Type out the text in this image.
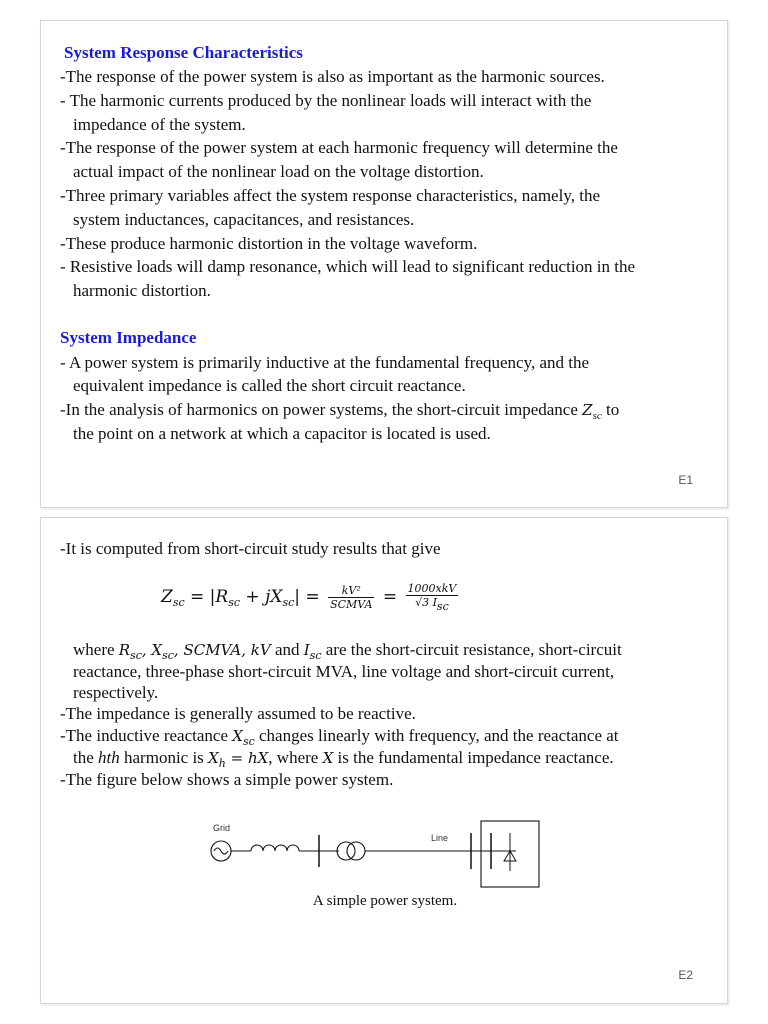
System Response Characteristics
-The response of the power system is also as important as the harmonic sources.
- The harmonic currents produced by the nonlinear loads will interact with the
impedance of the system.
-The response of the power system at each harmonic frequency will determine the
actual impact of the nonlinear load on the voltage distortion.
-Three primary variables affect the system response characteristics, namely, the
system inductances, capacitances, and resistances.
-These produce harmonic distortion in the voltage waveform.
- Resistive loads will damp resonance, which will lead to significant reduction in the
harmonic distortion.
System Impedance
- A power system is primarily inductive at the fundamental frequency, and the
equivalent impedance is called the short circuit reactance.
-In the analysis of harmonics on power systems, the short-circuit impedance $Z_{sc}$ to
the point on a network at which a capacitor is located is used.
E1
-It is computed from short-circuit study results that give
$Z_{sc} = |R_{sc} + jX_{sc}| = \frac{\text{kV²}}{\text{SCMVA}} = \frac{\text{1000xkV}}{\text{√3 Isc}}$
where $R_{sc}$, $X_{sc}$, SCMVA, kV and $I_{sc}$ are the short-circuit resistance, short-circuit
reactance, three-phase short-circuit MVA, line voltage and short-circuit current,
respectively.
-The impedance is generally assumed to be reactive.
-The inductive reactance $X_{sc}$ changes linearly with frequency, and the reactance at
the hth harmonic is $X_h$ = hX, where X is the fundamental impedance reactance.
-The figure below shows a simple power system.
Grid
Line
A simple power system.
E2
